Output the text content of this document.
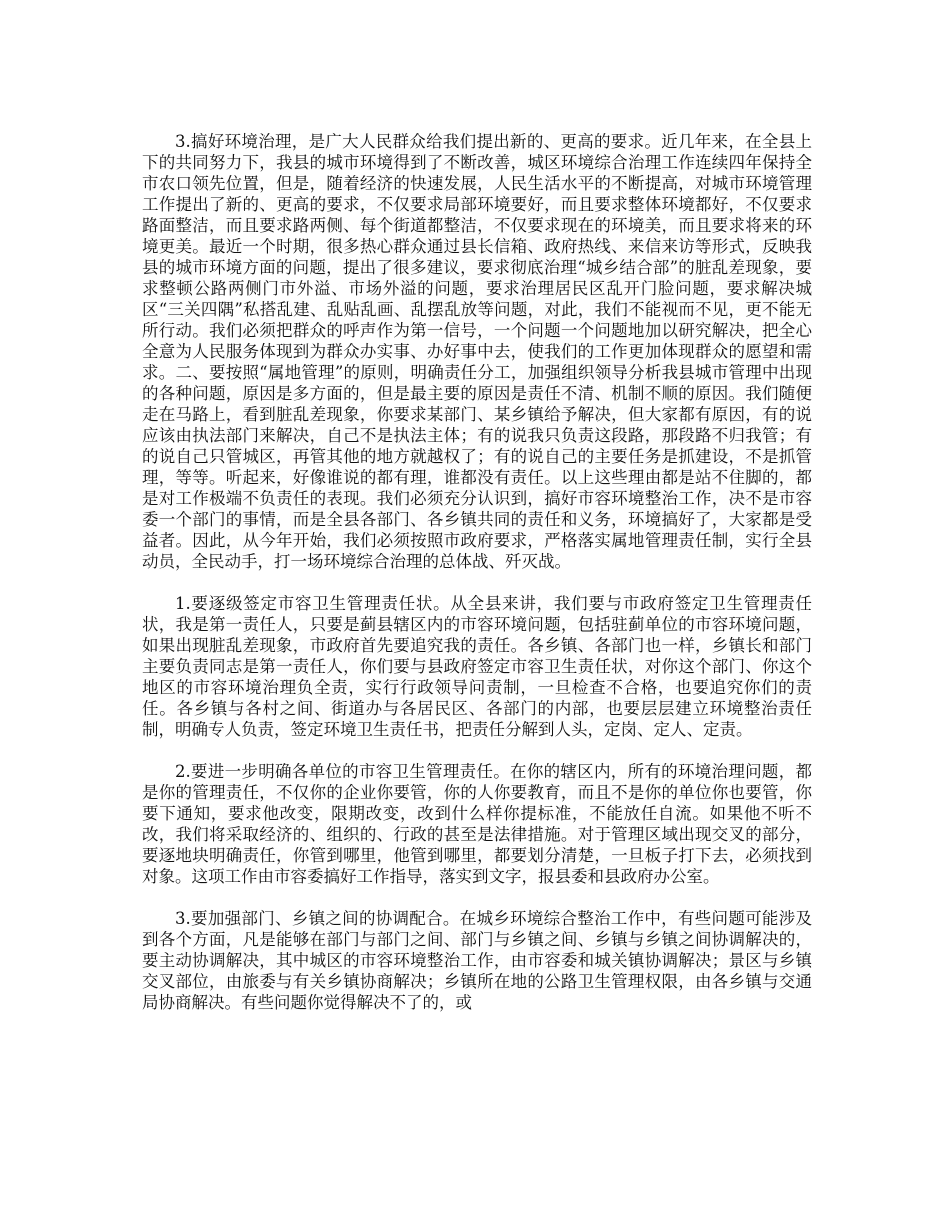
3.搞好环境治理，是广大人民群众给我们提出新的、更高的要求。近几年来，在全县上下的共同努力下，我县的城市环境得到了不断改善，城区环境综合治理工作连续四年保持全市农口领先位置，但是，随着经济的快速发展，人民生活水平的不断提高，对城市环境管理工作提出了新的、更高的要求，不仅要求局部环境要好，而且要求整体环境都好，不仅要求路面整洁，而且要求路两侧、每个街道都整洁，不仅要求现在的环境美，而且要求将来的环境更美。最近一个时期，很多热心群众通过县长信箱、政府热线、来信来访等形式，反映我县的城市环境方面的问题，提出了很多建议，要求彻底治理“城乡结合部”的脏乱差现象，要求整顿公路两侧门市外溢、市场外溢的问题，要求治理居民区乱开门脸问题，要求解决城区“三关四隅”私搭乱建、乱贴乱画、乱摆乱放等问题，对此，我们不能视而不见，更不能无所行动。我们必须把群众的呼声作为第一信号，一个问题一个问题地加以研究解决，把全心全意为人民服务体现到为群众办实事、办好事中去，使我们的工作更加体现群众的愿望和需求。二、要按照“属地管理”的原则，明确责任分工，加强组织领导分析我县城市管理中出现的各种问题，原因是多方面的，但是最主要的原因是责任不清、机制不顺的原因。我们随便走在马路上，看到脏乱差现象，你要求某部门、某乡镇给予解决，但大家都有原因，有的说应该由执法部门来解决，自己不是执法主体；有的说我只负责这段路，那段路不归我管；有的说自己只管城区，再管其他的地方就越权了；有的说自己的主要任务是抓建设，不是抓管理，等等。听起来，好像谁说的都有理，谁都没有责任。以上这些理由都是站不住脚的，都是对工作极端不负责任的表现。我们必须充分认识到，搞好市容环境整治工作，决不是市容委一个部门的事情，而是全县各部门、各乡镇共同的责任和义务，环境搞好了，大家都是受益者。因此，从今年开始，我们必须按照市政府要求，严格落实属地管理责任制，实行全县动员，全民动手，打一场环境综合治理的总体战、歼灭战。

1.要逐级签定市容卫生管理责任状。从全县来讲，我们要与市政府签定卫生管理责任状，我是第一责任人，只要是蓟县辖区内的市容环境问题，包括驻蓟单位的市容环境问题，如果出现脏乱差现象，市政府首先要追究我的责任。各乡镇、各部门也一样，乡镇长和部门主要负责同志是第一责任人，你们要与县政府签定市容卫生责任状，对你这个部门、你这个地区的市容环境治理负全责，实行行政领导问责制，一旦检查不合格，也要追究你们的责任。各乡镇与各村之间、街道办与各居民区、各部门的内部，也要层层建立环境整治责任制，明确专人负责，签定环境卫生责任书，把责任分解到人头，定岗、定人、定责。

2.要进一步明确各单位的市容卫生管理责任。在你的辖区内，所有的环境治理问题，都是你的管理责任，不仅你的企业你要管，你的人你要教育，而且不是你的单位你也要管，你要下通知，要求他改变，限期改变，改到什么样你提标准，不能放任自流。如果他不听不改，我们将采取经济的、组织的、行政的甚至是法律措施。对于管理区域出现交叉的部分，要逐地块明确责任，你管到哪里，他管到哪里，都要划分清楚，一旦板子打下去，必须找到对象。这项工作由市容委搞好工作指导，落实到文字，报县委和县政府办公室。

3.要加强部门、乡镇之间的协调配合。在城乡环境综合整治工作中，有些问题可能涉及到各个方面，凡是能够在部门与部门之间、部门与乡镇之间、乡镇与乡镇之间协调解决的，要主动协调解决，其中城区的市容环境整治工作，由市容委和城关镇协调解决；景区与乡镇交叉部位，由旅委与有关乡镇协商解决；乡镇所在地的公路卫生管理权限，由各乡镇与交通局协商解决。有些问题你觉得解决不了的，或
